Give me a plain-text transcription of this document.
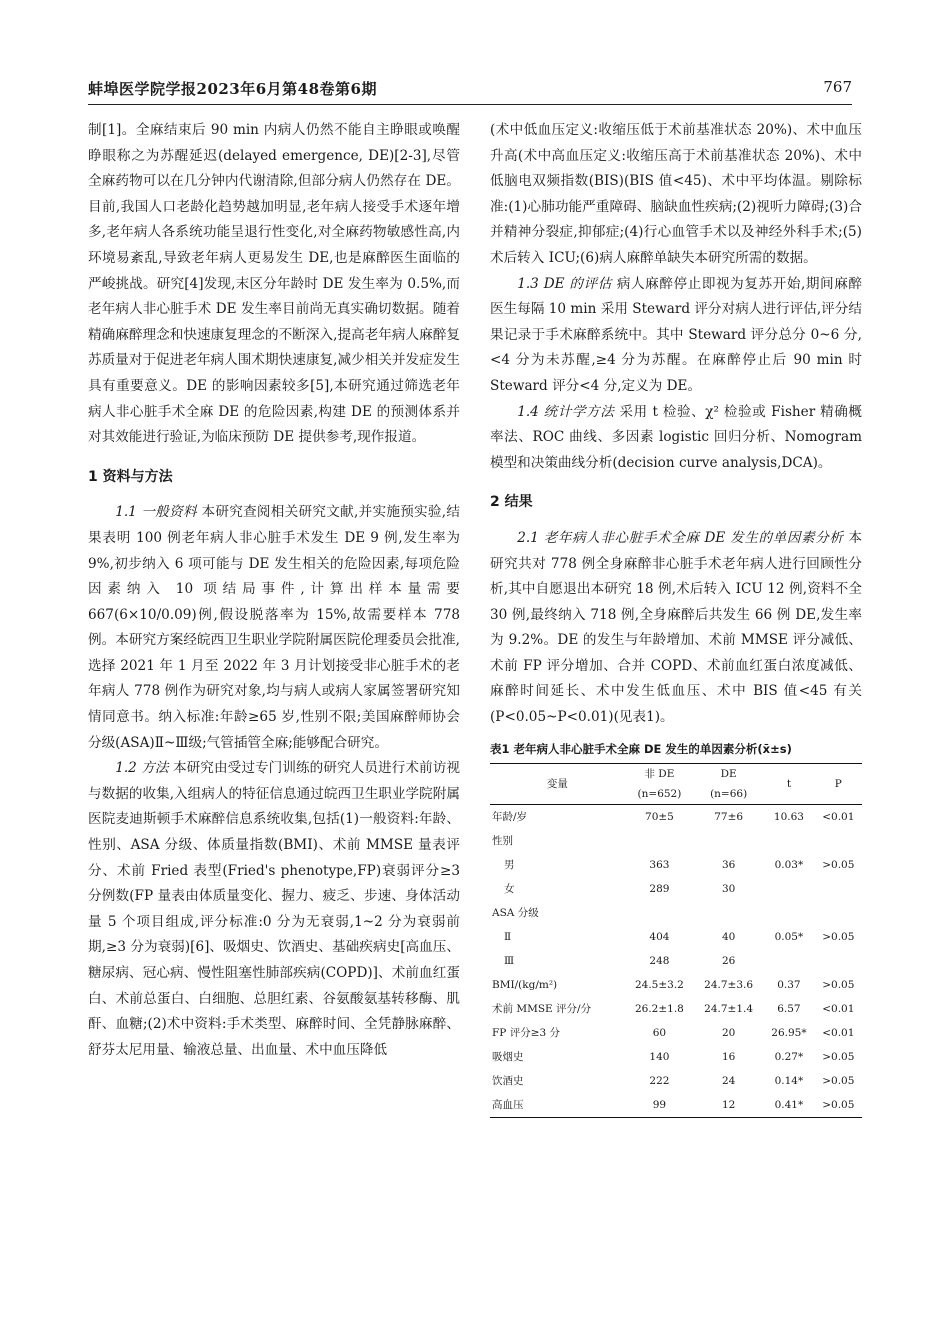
蚌埠医学院学报2023年6月第48卷第6期	767

制[1]。全麻结束后 90 min 内病人仍然不能自主睁眼或唤醒睁眼称之为苏醒延迟(delayed emergence, DE)[2-3],尽管全麻药物可以在几分钟内代谢清除,但部分病人仍然存在 DE。目前,我国人口老龄化趋势越加明显,老年病人接受手术逐年增多,老年病人各系统功能呈退行性变化,对全麻药物敏感性高,内环境易紊乱,导致老年病人更易发生 DE,也是麻醉医生面临的严峻挑战。研究[4]发现,末区分年龄时 DE 发生率为 0.5%,而老年病人非心脏手术 DE 发生率目前尚无真实确切数据。随着精确麻醉理念和快速康复理念的不断深入,提高老年病人麻醉复苏质量对于促进老年病人围术期快速康复,减少相关并发症发生具有重要意义。DE 的影响因素较多[5],本研究通过筛选老年病人非心脏手术全麻 DE 的危险因素,构建 DE 的预测体系并对其效能进行验证,为临床预防 DE 提供参考,现作报道。

1 资料与方法

1.1 一般资料 本研究查阅相关研究文献,并实施预实验,结果表明 100 例老年病人非心脏手术发生 DE 9 例,发生率为 9%,初步纳入 6 项可能与 DE 发生相关的危险因素,每项危险因素纳入 10 项结局事件,计算出样本量需要 667(6×10/0.09)例,假设脱落率为 15%,故需要样本 778 例。本研究方案经皖西卫生职业学院附属医院伦理委员会批准,选择 2021 年 1 月至 2022 年 3 月计划接受非心脏手术的老年病人 778 例作为研究对象,均与病人或病人家属签署研究知情同意书。纳入标准:年龄≥65 岁,性别不限;美国麻醉师协会分级(ASA)Ⅱ~Ⅲ级;气管插管全麻;能够配合研究。

1.2 方法 本研究由受过专门训练的研究人员进行术前访视与数据的收集,入组病人的特征信息通过皖西卫生职业学院附属医院麦迪斯顿手术麻醉信息系统收集,包括(1)一般资料:年龄、性别、ASA 分级、体质量指数(BMI)、术前 MMSE 量表评分、术前 Fried 表型(Fried's phenotype,FP)衰弱评分≥3 分例数(FP 量表由体质量变化、握力、疲乏、步速、身体活动量 5 个项目组成,评分标准:0 分为无衰弱,1~2 分为衰弱前期,≥3 分为衰弱)[6]、吸烟史、饮酒史、基础疾病史[高血压、糖尿病、冠心病、慢性阻塞性肺部疾病(COPD)]、术前血红蛋白、术前总蛋白、白细胞、总胆红素、谷氨酸氨基转移酶、肌酐、血糖;(2)术中资料:手术类型、麻醉时间、全凭静脉麻醉、舒芬太尼用量、输液总量、出血量、术中血压降低

(术中低血压定义:收缩压低于术前基准状态 20%)、术中血压升高(术中高血压定义:收缩压高于术前基准状态 20%)、术中低脑电双频指数(BIS)(BIS 值<45)、术中平均体温。剔除标准:(1)心肺功能严重障碍、脑缺血性疾病;(2)视听力障碍;(3)合并精神分裂症,抑郁症;(4)行心血管手术以及神经外科手术;(5)术后转入 ICU;(6)病人麻醉单缺失本研究所需的数据。

1.3 DE 的评估 病人麻醉停止即视为复苏开始,期间麻醉医生每隔 10 min 采用 Steward 评分对病人进行评估,评分结果记录于手术麻醉系统中。其中 Steward 评分总分 0~6 分,<4 分为未苏醒,≥4 分为苏醒。在麻醉停止后 90 min 时 Steward 评分<4 分,定义为 DE。

1.4 统计学方法 采用 t 检验、χ² 检验或 Fisher 精确概率法、ROC 曲线、多因素 logistic 回归分析、Nomogram 模型和决策曲线分析(decision curve analysis,DCA)。

2 结果

2.1 老年病人非心脏手术全麻 DE 发生的单因素分析 本研究共对 778 例全身麻醉非心脏手术老年病人进行回顾性分析,其中自愿退出本研究 18 例,术后转入 ICU 12 例,资料不全 30 例,最终纳入 718 例,全身麻醉后共发生 66 例 DE,发生率为 9.2%。DE 的发生与年龄增加、术前 MMSE 评分减低、术前 FP 评分增加、合并 COPD、术前血红蛋白浓度减低、麻醉时间延长、术中发生低血压、术中 BIS 值<45 有关(P<0.05~P<0.01)(见表1)。

表1 老年病人非心脏手术全麻 DE 发生的单因素分析(x̄±s)
变量	非 DE	DE	t	P
	(n=652)	(n=66)		
年龄/岁	70±5	77±6	10.63	<0.01
性别				
男	363	36	0.03*	>0.05
女	289	30		
ASA 分级				
Ⅱ	404	40	0.05*	>0.05
Ⅲ	248	26		
BMI/(kg/m²)	24.5±3.2	24.7±3.6	0.37	>0.05
术前 MMSE 评分/分	26.2±1.8	24.7±1.4	6.57	<0.01
FP 评分≥3 分	60	20	26.95*	<0.01
吸烟史	140	16	0.27*	>0.05
饮酒史	222	24	0.14*	>0.05
高血压	99	12	0.41*	>0.05
